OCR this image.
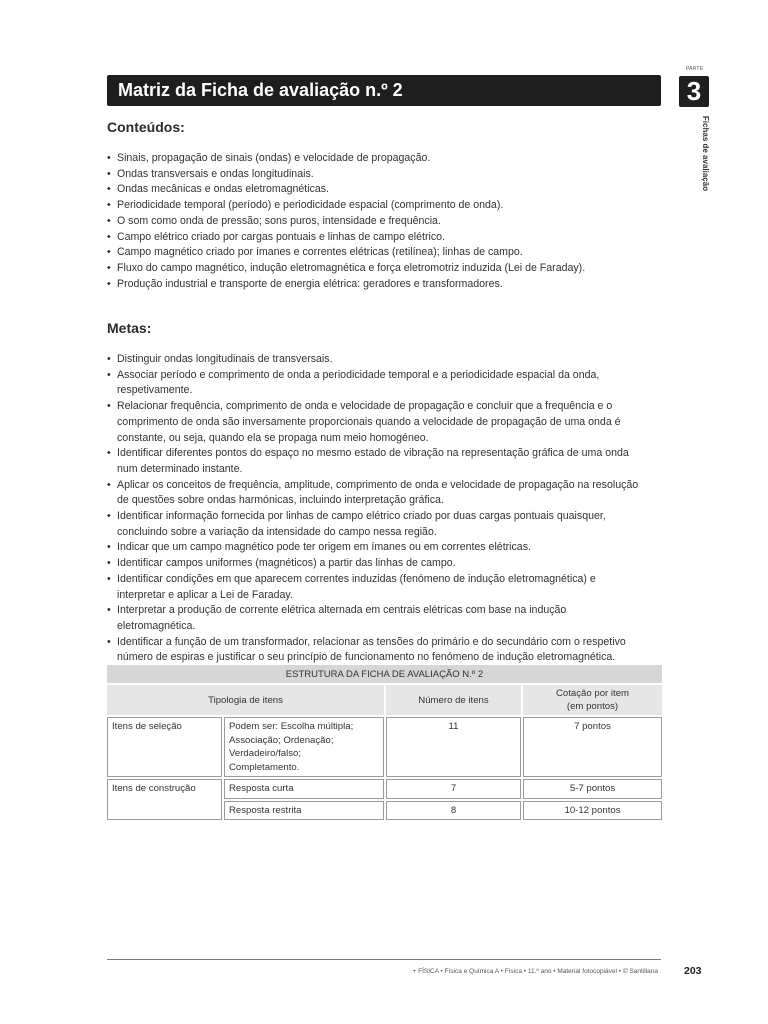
PARTE
3
Fichas de avaliação
Matriz da Ficha de avaliação n.º 2
Conteúdos:
• Sinais, propagação de sinais (ondas) e velocidade de propagação.
• Ondas transversais e ondas longitudinais.
• Ondas mecânicas e ondas eletromagnéticas.
• Periodicidade temporal (período) e periodicidade espacial (comprimento de onda).
• O som como onda de pressão; sons puros, intensidade e frequência.
• Campo elétrico criado por cargas pontuais e linhas de campo elétrico.
• Campo magnético criado por ímanes e correntes elétricas (retilínea); linhas de campo.
• Fluxo do campo magnético, indução eletromagnética e força eletromotriz induzida (Lei de Faraday).
• Produção industrial e transporte de energia elétrica: geradores e transformadores.
Metas:
• Distinguir ondas longitudinais de transversais.
• Associar período e comprimento de onda a periodicidade temporal e a periodicidade espacial da onda, respetivamente.
• Relacionar frequência, comprimento de onda e velocidade de propagação e concluir que a frequência e o comprimento de onda são inversamente proporcionais quando a velocidade de propagação de uma onda é constante, ou seja, quando ela se propaga num meio homogéneo.
• Identificar diferentes pontos do espaço no mesmo estado de vibração na representação gráfica de uma onda num determinado instante.
• Aplicar os conceitos de frequência, amplitude, comprimento de onda e velocidade de propagação na resolução de questões sobre ondas harmónicas, incluindo interpretação gráfica.
• Identificar informação fornecida por linhas de campo elétrico criado por duas cargas pontuais quaisquer, concluindo sobre a variação da intensidade do campo nessa região.
• Indicar que um campo magnético pode ter origem em ímanes ou em correntes elétricas.
• Identificar campos uniformes (magnéticos) a partir das linhas de campo.
• Identificar condições em que aparecem correntes induzidas (fenómeno de indução eletromagnética) e interpretar e aplicar a Lei de Faraday.
• Interpretar a produção de corrente elétrica alternada em centrais elétricas com base na indução eletromagnética.
• Identificar a função de um transformador, relacionar as tensões do primário e do secundário com o respetivo número de espiras e justificar o seu princípio de funcionamento no fenómeno de indução eletromagnética.
ESTRUTURA DA FICHA DE AVALIAÇÃO N.º 2
Tipologia de itens		Número de itens	Cotação por item
(em pontos)

Itens de seleção	Podem ser: Escolha múltipla;
Associação; Ordenação;
Verdadeiro/falso;
Completamento.	11	7 pontos
Itens de construção	Resposta curta	7	5-7 pontos
	Resposta restrita	8	10-12 pontos
+ FÍSICA • Física e Química A • Física • 11.º ano • Material fotocopiável • © Santillana 203
